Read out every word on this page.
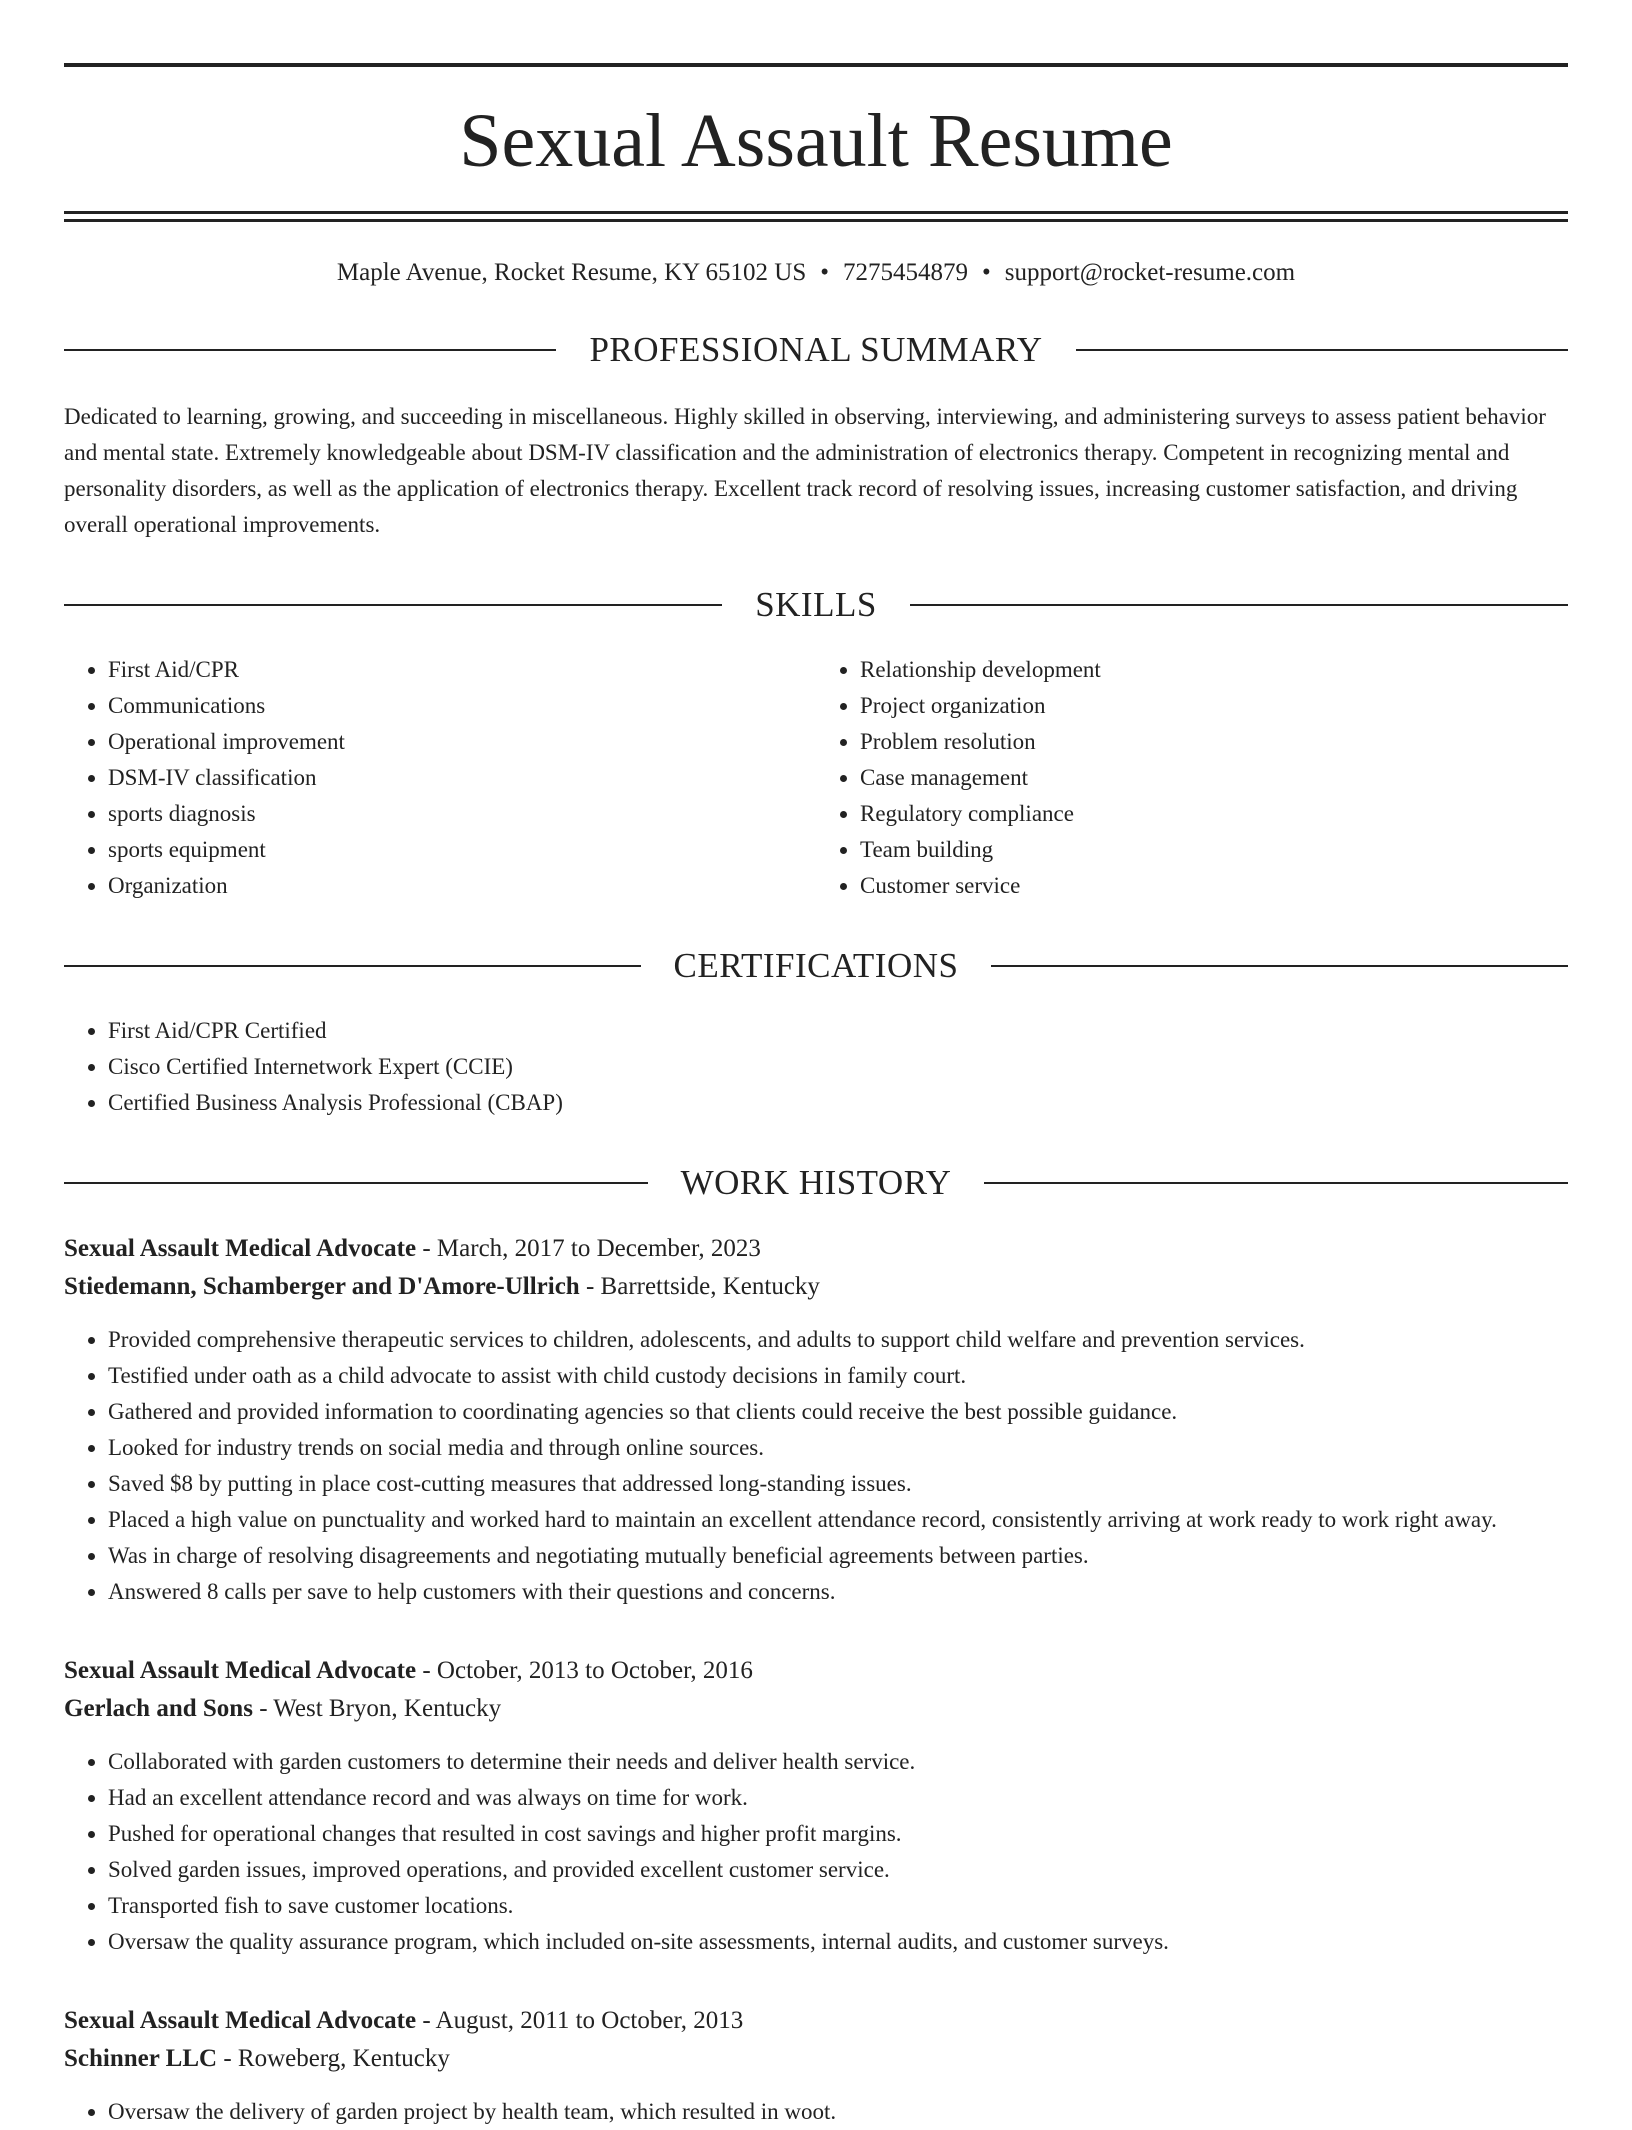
Sexual Assault Resume
Maple Avenue, Rocket Resume, KY 65102 US • 7275454879 • support@rocket-resume.com
PROFESSIONAL SUMMARY
Dedicated to learning, growing, and succeeding in miscellaneous. Highly skilled in observing, interviewing, and administering surveys to assess patient behavior and mental state. Extremely knowledgeable about DSM-IV classification and the administration of electronics therapy. Competent in recognizing mental and personality disorders, as well as the application of electronics therapy. Excellent track record of resolving issues, increasing customer satisfaction, and driving overall operational improvements.
SKILLS
• First Aid/CPR
• Communications
• Operational improvement
• DSM-IV classification
• sports diagnosis
• sports equipment
• Organization
• Relationship development
• Project organization
• Problem resolution
• Case management
• Regulatory compliance
• Team building
• Customer service
CERTIFICATIONS
• First Aid/CPR Certified
• Cisco Certified Internetwork Expert (CCIE)
• Certified Business Analysis Professional (CBAP)
WORK HISTORY
Sexual Assault Medical Advocate - March, 2017 to December, 2023
Stiedemann, Schamberger and D'Amore-Ullrich - Barrettside, Kentucky
• Provided comprehensive therapeutic services to children, adolescents, and adults to support child welfare and prevention services.
• Testified under oath as a child advocate to assist with child custody decisions in family court.
• Gathered and provided information to coordinating agencies so that clients could receive the best possible guidance.
• Looked for industry trends on social media and through online sources.
• Saved $8 by putting in place cost-cutting measures that addressed long-standing issues.
• Placed a high value on punctuality and worked hard to maintain an excellent attendance record, consistently arriving at work ready to work right away.
• Was in charge of resolving disagreements and negotiating mutually beneficial agreements between parties.
• Answered 8 calls per save to help customers with their questions and concerns.
Sexual Assault Medical Advocate - October, 2013 to October, 2016
Gerlach and Sons - West Bryon, Kentucky
• Collaborated with garden customers to determine their needs and deliver health service.
• Had an excellent attendance record and was always on time for work.
• Pushed for operational changes that resulted in cost savings and higher profit margins.
• Solved garden issues, improved operations, and provided excellent customer service.
• Transported fish to save customer locations.
• Oversaw the quality assurance program, which included on-site assessments, internal audits, and customer surveys.
Sexual Assault Medical Advocate - August, 2011 to October, 2013
Schinner LLC - Roweberg, Kentucky
• Oversaw the delivery of garden project by health team, which resulted in woot.
